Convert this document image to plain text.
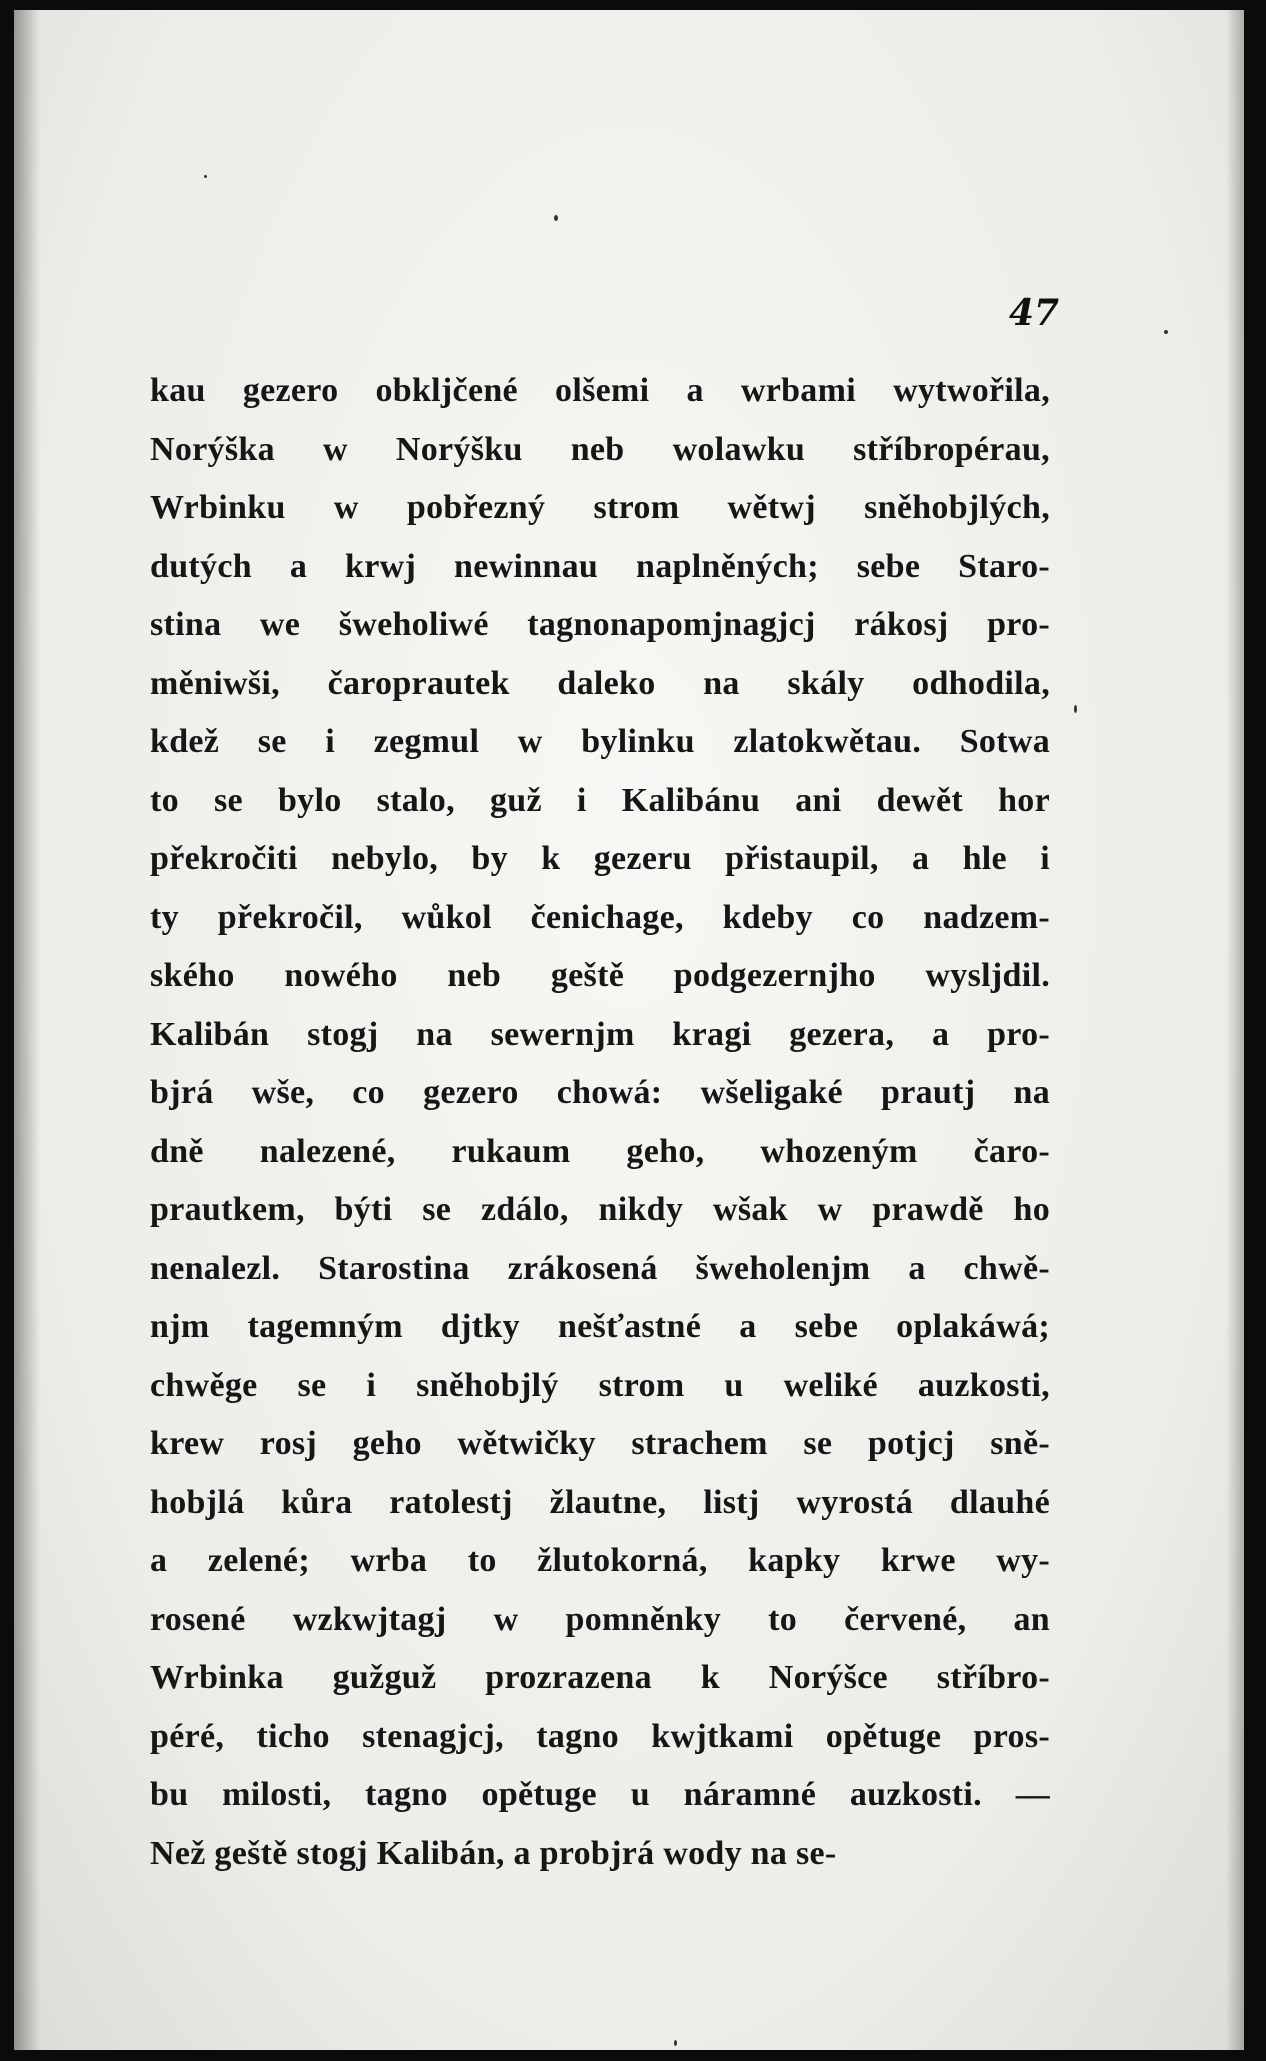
47
kau gezero obkljčené olšemi a wrbami wytwořila,
Norýška w Norýšku neb wolawku stříbropérau,
Wrbinku w pobřezný strom wětwj sněhobjlých,
dutých a krwj newinnau naplněných; sebe Staro-
stina we šweholiwé tagnonapomjnagjcj rákosj pro-
měniwši, čaroprautek daleko na skály odhodila,
kdež se i zegmul w bylinku zlatokwětau. Sotwa
to se bylo stalo, guž i Kalibánu ani dewět hor
překročiti nebylo, by k gezeru přistaupil, a hle i
ty překročil, wůkol čenichage, kdeby co nadzem-
ského nowého neb geště podgezernjho wysljdil.
Kalibán stogj na sewernjm kragi gezera, a pro-
bjrá wše, co gezero chowá: wšeligaké prautj na
dně nalezené, rukaum geho, whozeným čaro-
prautkem, býti se zdálo, nikdy wšak w prawdě ho
nenalezl. Starostina zrákosená šweholenjm a chwě-
njm tagemným djtky nešťastné a sebe oplakáwá;
chwěge se i sněhobjlý strom u weliké auzkosti,
krew rosj geho wětwičky strachem se potjcj sně-
hobjlá kůra ratolestj žlautne, listj wyrostá dlauhé
a zelené; wrba to žlutokorná, kapky krwe wy-
rosené wzkwjtagj w pomněnky to červené, an
Wrbinka gužguž prozrazena k Norýšce stříbro-
péré, ticho stenagjcj, tagno kwjtkami opětuge pros-
bu milosti, tagno opětuge u náramné auzkosti. —
Než geště stogj Kalibán, a probjrá wody na se-
